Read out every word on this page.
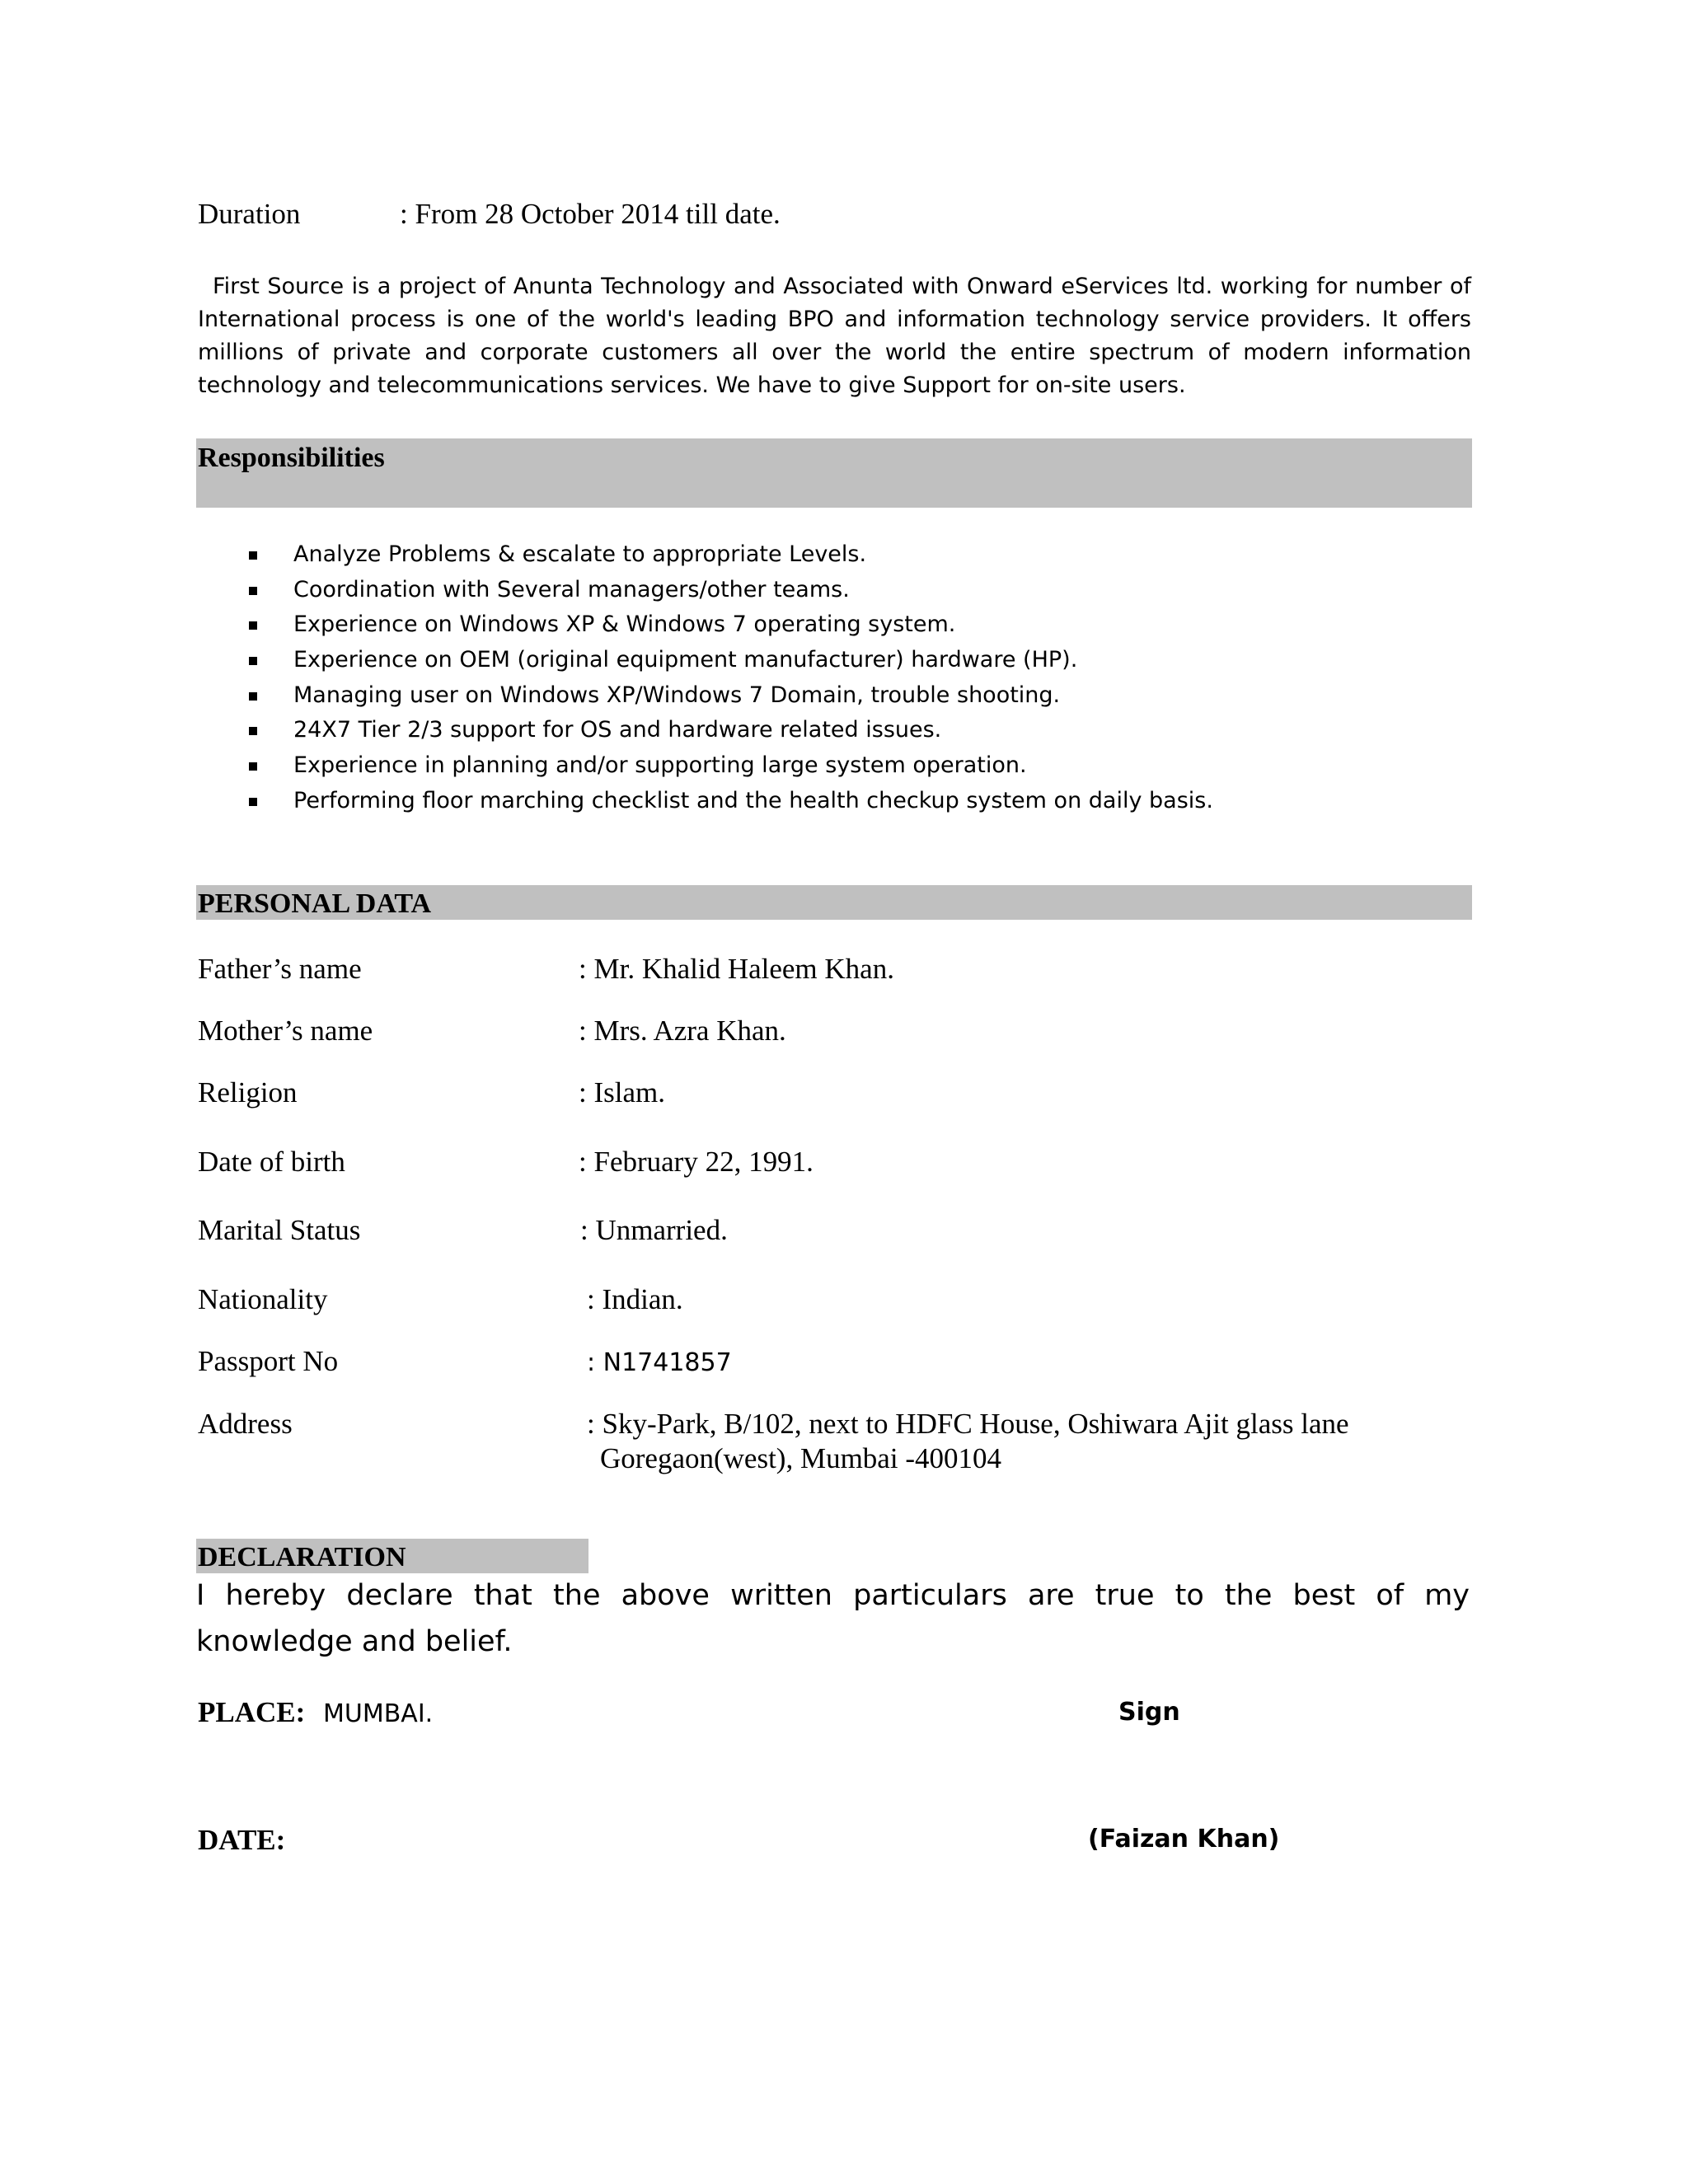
Duration	: From 28 October 2014 till date.
First Source is a project of Anunta Technology and Associated with Onward eServices ltd. working for number of International process is one of the world's leading BPO and information technology service providers. It offers millions of private and corporate customers all over the world the entire spectrum of modern information technology and telecommunications services. We have to give Support for on-site users.
Responsibilities
Analyze Problems & escalate to appropriate Levels.
Coordination with Several managers/other teams.
Experience on Windows XP & Windows 7 operating system.
Experience on OEM (original equipment manufacturer) hardware (HP).
Managing user on Windows XP/Windows 7 Domain, trouble shooting.
24X7 Tier 2/3 support for OS and hardware related issues.
Experience in planning and/or supporting large system operation.
Performing floor marching checklist and the health checkup system on daily basis.
PERSONAL DATA
Father’s name	: Mr. Khalid Haleem Khan.
Mother’s name	: Mrs. Azra Khan.
Religion	: Islam.
Date of birth	: February 22, 1991.
Marital Status	: Unmarried.
Nationality	: Indian.
Passport No	: N1741857
Address	: Sky-Park, B/102, next to HDFC House, Oshiwara Ajit glass lane
Goregaon(west), Mumbai -400104
DECLARATION
I hereby declare that the above written particulars are true to the best of my knowledge and belief.
PLACE: MUMBAI.	Sign
DATE:	(Faizan Khan)
